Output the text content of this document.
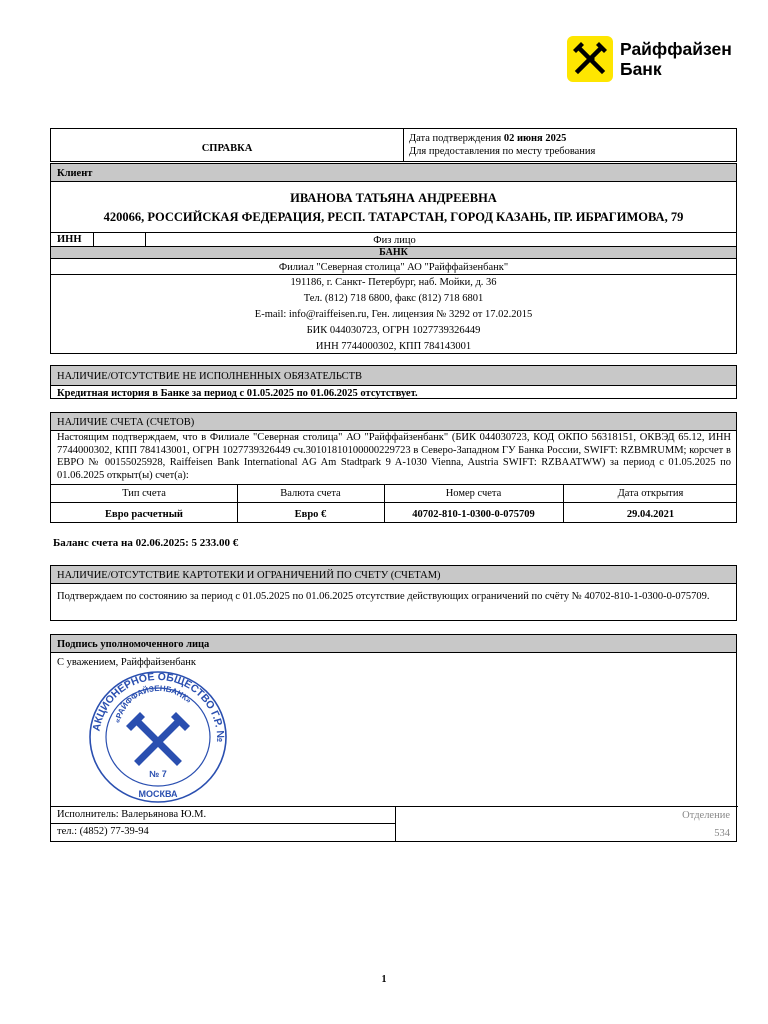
Райффайзен
Банк
СПРАВКА
Дата подтверждения 02 июня 2025
Для предоставления по месту требования
Клиент
ИВАНОВА ТАТЬЯНА АНДРЕЕВНА
420066, РОССИЙСКАЯ ФЕДЕРАЦИЯ, РЕСП. ТАТАРСТАН, ГОРОД КАЗАНЬ, ПР. ИБРАГИМОВА, 79
ИНН	Физ лицо
БАНК
Филиал "Северная столица" АО "Райффайзенбанк"
191186, г. Санкт- Петербург, наб. Мойки, д. 36
Тел. (812) 718 6800, факс (812) 718 6801
E-mail: info@raiffeisen.ru, Ген. лицензия № 3292 от 17.02.2015
БИК 044030723, ОГРН 1027739326449
ИНН 7744000302, КПП 784143001
НАЛИЧИЕ/ОТСУТСТВИЕ НЕ ИСПОЛНЕННЫХ ОБЯЗАТЕЛЬСТВ
Кредитная история в Банке за период с 01.05.2025 по 01.06.2025 отсутствует.
НАЛИЧИЕ СЧЕТА (СЧЕТОВ)
Настоящим подтверждаем, что в Филиале "Северная столица" АО "Райффайзенбанк" (БИК 044030723, КОД ОКПО 56318151, ОКВЭД 65.12, ИНН 7744000302, КПП 784143001, ОГРН 1027739326449 сч.30101810100000229723 в Северо-Западном ГУ Банка России, SWIFT: RZBMRUMM; корсчет в ЕВРО № 00155025928, Raiffeisen Bank International AG Am Stadtpark 9 A-1030 Vienna, Austria SWIFT: RZBAATWW) за период с 01.05.2025 по 01.06.2025 открыт(ы) счет(а):
Тип счета	Валюта счета	Номер счета	Дата открытия
Евро расчетный	Евро €	40702-810-1-0300-0-075709	29.04.2021
Баланс счета на 02.06.2025: 5 233.00 €
НАЛИЧИЕ/ОТСУТСТВИЕ КАРТОТЕКИ И ОГРАНИЧЕНИЙ ПО СЧЕТУ (СЧЕТАМ)
Подтверждаем по состоянию за период с 01.05.2025 по 01.06.2025 отсутствие действующих ограничений по счёту № 40702-810-1-0300-0-075709.
Подпись уполномоченного лица
С уважением, Райффайзенбанк
АКЦИОНЕРНОЕ ОБЩЕСТВО Г.Р. №
«РАЙФФАЙЗЕНБАНК»
№ 7
МОСКВА
Отделение
534
Исполнитель: Валерьянова Ю.М.
тел.: (4852) 77-39-94
1
